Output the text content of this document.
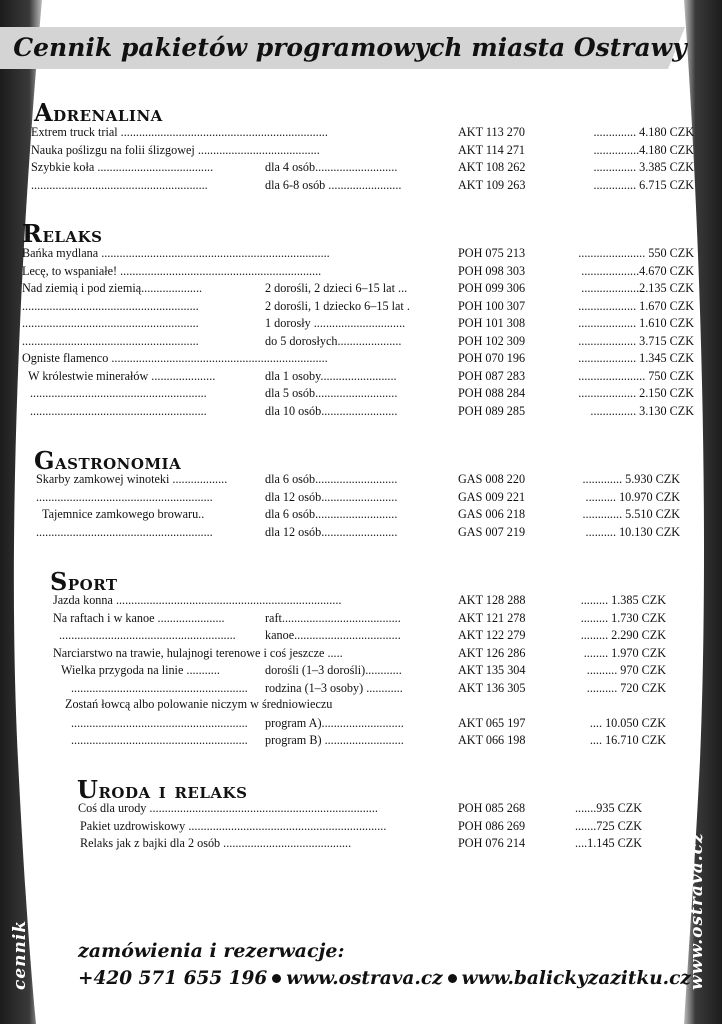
Cennik pakietów programowych miasta Ostrawy
Adrenalina
Extrem truck trial ....................................................................	AKT 113 270	.............. 4.180 CZK
Nauka poślizgu na folii ślizgowej ........................................	AKT 114 271	...............4.180 CZK
Szybkie koła ......................................	dla 4 osób...........................	AKT 108 262	.............. 3.385 CZK
..........................................................	dla 6-8 osób ........................	AKT 109 263	.............. 6.715 CZK
Relaks
Bańka mydlana ...........................................................................	POH 075 213	...................... 550 CZK
Lecę, to wspaniałe! ..................................................................	POH 098 303	...................4.670 CZK
Nad ziemią i pod ziemią....................	2 dorośli, 2 dzieci 6–15 lat ...	POH 099 306	...................2.135 CZK
..........................................................	2 dorośli, 1 dziecko 6–15 lat .	POH 100 307	................... 1.670 CZK
..........................................................	1 dorosły ..............................	POH 101 308	................... 1.610 CZK
..........................................................	do 5 dorosłych.....................	POH 102 309	................... 3.715 CZK
Ogniste flamenco .......................................................................	POH 070 196	................... 1.345 CZK
W królestwie minerałów .....................	dla 1 osoby.........................	POH 087 283	...................... 750 CZK
..........................................................	dla 5 osób...........................	POH 088 284	................... 2.150 CZK
..........................................................	dla 10 osób.........................	POH 089 285	............... 3.130 CZK
Gastronomia
Skarby zamkowej winoteki ..................	dla 6 osób...........................	GAS 008 220	............. 5.930 CZK
..........................................................	dla 12 osób.........................	GAS 009 221	.......... 10.970 CZK
Tajemnice zamkowego browaru..	dla 6 osób...........................	GAS 006 218	............. 5.510 CZK
..........................................................	dla 12 osób.........................	GAS 007 219	.......... 10.130 CZK
Sport
Jazda konna ..........................................................................	AKT 128 288	......... 1.385 CZK
Na raftach i w kanoe ......................	raft.......................................	AKT 121 278	......... 1.730 CZK
..........................................................	kanoe...................................	AKT 122 279	......... 2.290 CZK
Narciarstwo na trawie, hulajnogi terenowe i coś jeszcze .....	AKT 126 286	........ 1.970 CZK
Wielka przygoda na linie ...........	dorośli (1–3 dorośli)............	AKT 135 304	.......... 970 CZK
..........................................................	rodzina (1–3 osoby) ............	AKT 136 305	.......... 720 CZK
Zostań łowcą albo polowanie niczym w średniowieczu
..........................................................	program A)...........................	AKT 065 197	.... 10.050 CZK
..........................................................	program B) ..........................	AKT 066 198	.... 16.710 CZK
Uroda i relaks
Coś dla urody ...........................................................................	POH 085 268	.......935 CZK
Pakiet uzdrowiskowy .................................................................	POH 086 269	.......725 CZK
Relaks jak z bajki dla 2 osób ..........................................	POH 076 214	....1.145 CZK
zamówienia i rezerwacje:
+420 571 655 196 www.ostrava.cz www.balickyzazitku.cz
cennik	www.ostrava.cz
